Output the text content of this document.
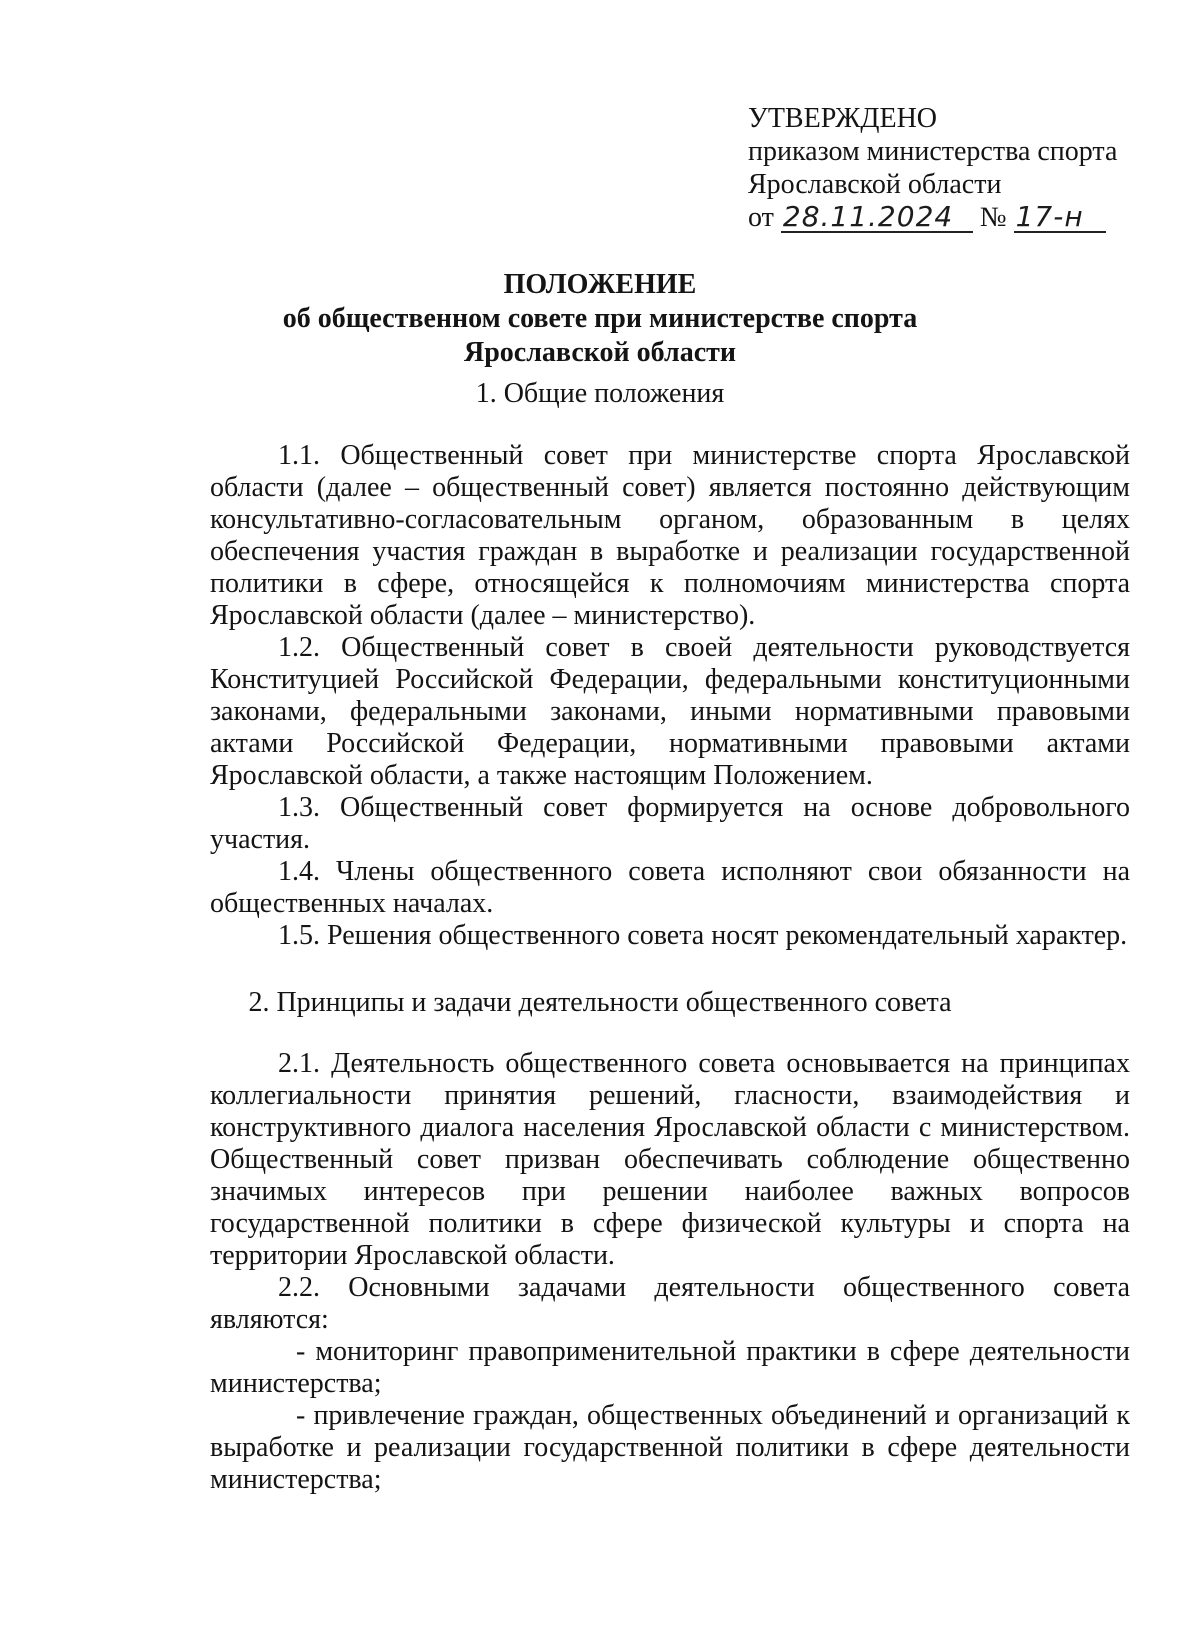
УТВЕРЖДЕНО
приказом министерства спорта
Ярославской области
от 28.11.2024 № 17-н
ПОЛОЖЕНИЕ
об общественном совете при министерстве спорта
Ярославской области
1. Общие положения

1.1. Общественный совет при министерстве спорта Ярославской области (далее – общественный совет) является постоянно действующим консультативно-согласовательным органом, образованным в целях обеспечения участия граждан в выработке и реализации государственной политики в сфере, относящейся к полномочиям министерства спорта Ярославской области (далее – министерство).

1.2. Общественный совет в своей деятельности руководствуется Конституцией Российской Федерации, федеральными конституционными законами, федеральными законами, иными нормативными правовыми актами Российской Федерации, нормативными правовыми актами Ярославской области, а также настоящим Положением.

1.3. Общественный совет формируется на основе добровольного участия.

1.4. Члены общественного совета исполняют свои обязанности на общественных началах.

1.5. Решения общественного совета носят рекомендательный характер.

2. Принципы и задачи деятельности общественного совета

2.1. Деятельность общественного совета основывается на принципах коллегиальности принятия решений, гласности, взаимодействия и конструктивного диалога населения Ярославской области с министерством. Общественный совет призван обеспечивать соблюдение общественно значимых интересов при решении наиболее важных вопросов государственной политики в сфере физической культуры и спорта на территории Ярославской области.

2.2. Основными задачами деятельности общественного совета являются:

- мониторинг правоприменительной практики в сфере деятельности министерства;

- привлечение граждан, общественных объединений и организаций к выработке и реализации государственной политики в сфере деятельности министерства;
